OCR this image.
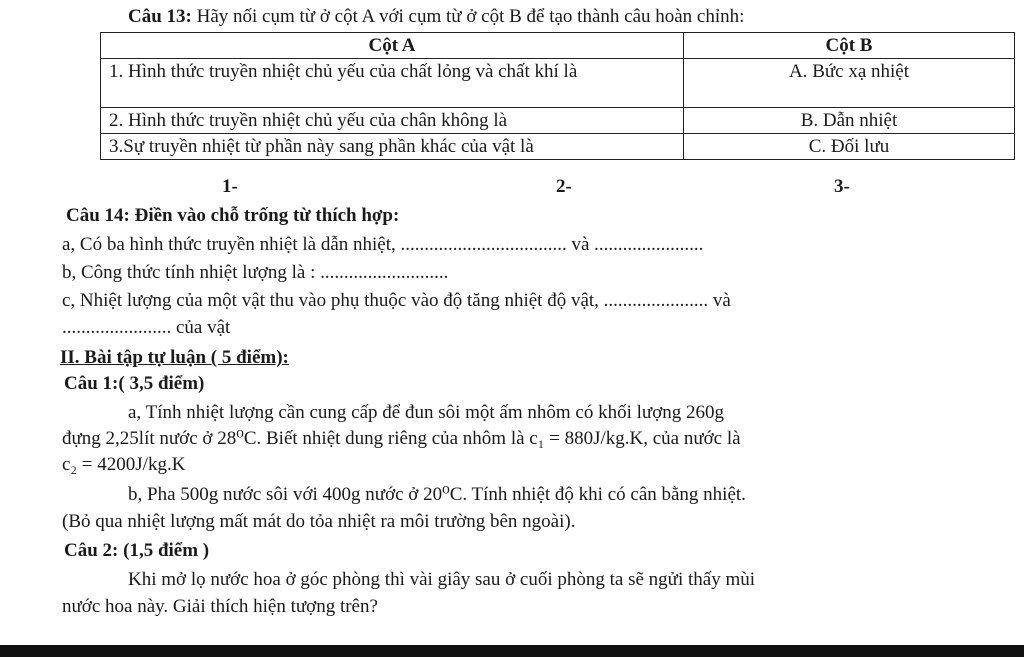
Câu 13: Hãy nối cụm từ ở cột A với cụm từ ở cột B để tạo thành câu hoàn chỉnh:
Cột A	Cột B
1. Hình thức truyền nhiệt chủ yếu của chất lỏng và chất khí là	A. Bức xạ nhiệt
2. Hình thức truyền nhiệt chủ yếu của chân không là	B. Dẫn nhiệt
3.Sự truyền nhiệt từ phần này sang phần khác của vật là	C. Đối lưu
1-	2-	3-
Câu 14: Điền vào chỗ trống từ thích hợp:
a, Có ba hình thức truyền nhiệt là dẫn nhiệt, ................................... và .......................
b, Công thức tính nhiệt lượng là : ...........................
c, Nhiệt lượng của một vật thu vào phụ thuộc vào độ tăng nhiệt độ vật, ...................... và
....................... của vật
II. Bài tập tự luận ( 5 điểm):
Câu 1:( 3,5 điểm)
a, Tính nhiệt lượng cần cung cấp để đun sôi một ấm nhôm có khối lượng 260g
đựng 2,25lít nước ở 28⁰C. Biết nhiệt dung riêng của nhôm là c₁ = 880J/kg.K, của nước là
c₂ = 4200J/kg.K
b, Pha 500g nước sôi với 400g nước ở 20⁰C. Tính nhiệt độ khi có cân bằng nhiệt.
(Bỏ qua nhiệt lượng mất mát do tỏa nhiệt ra môi trường bên ngoài).
Câu 2: (1,5 điểm )
Khi mở lọ nước hoa ở góc phòng thì vài giây sau ở cuối phòng ta sẽ ngửi thấy mùi
nước hoa này. Giải thích hiện tượng trên?
